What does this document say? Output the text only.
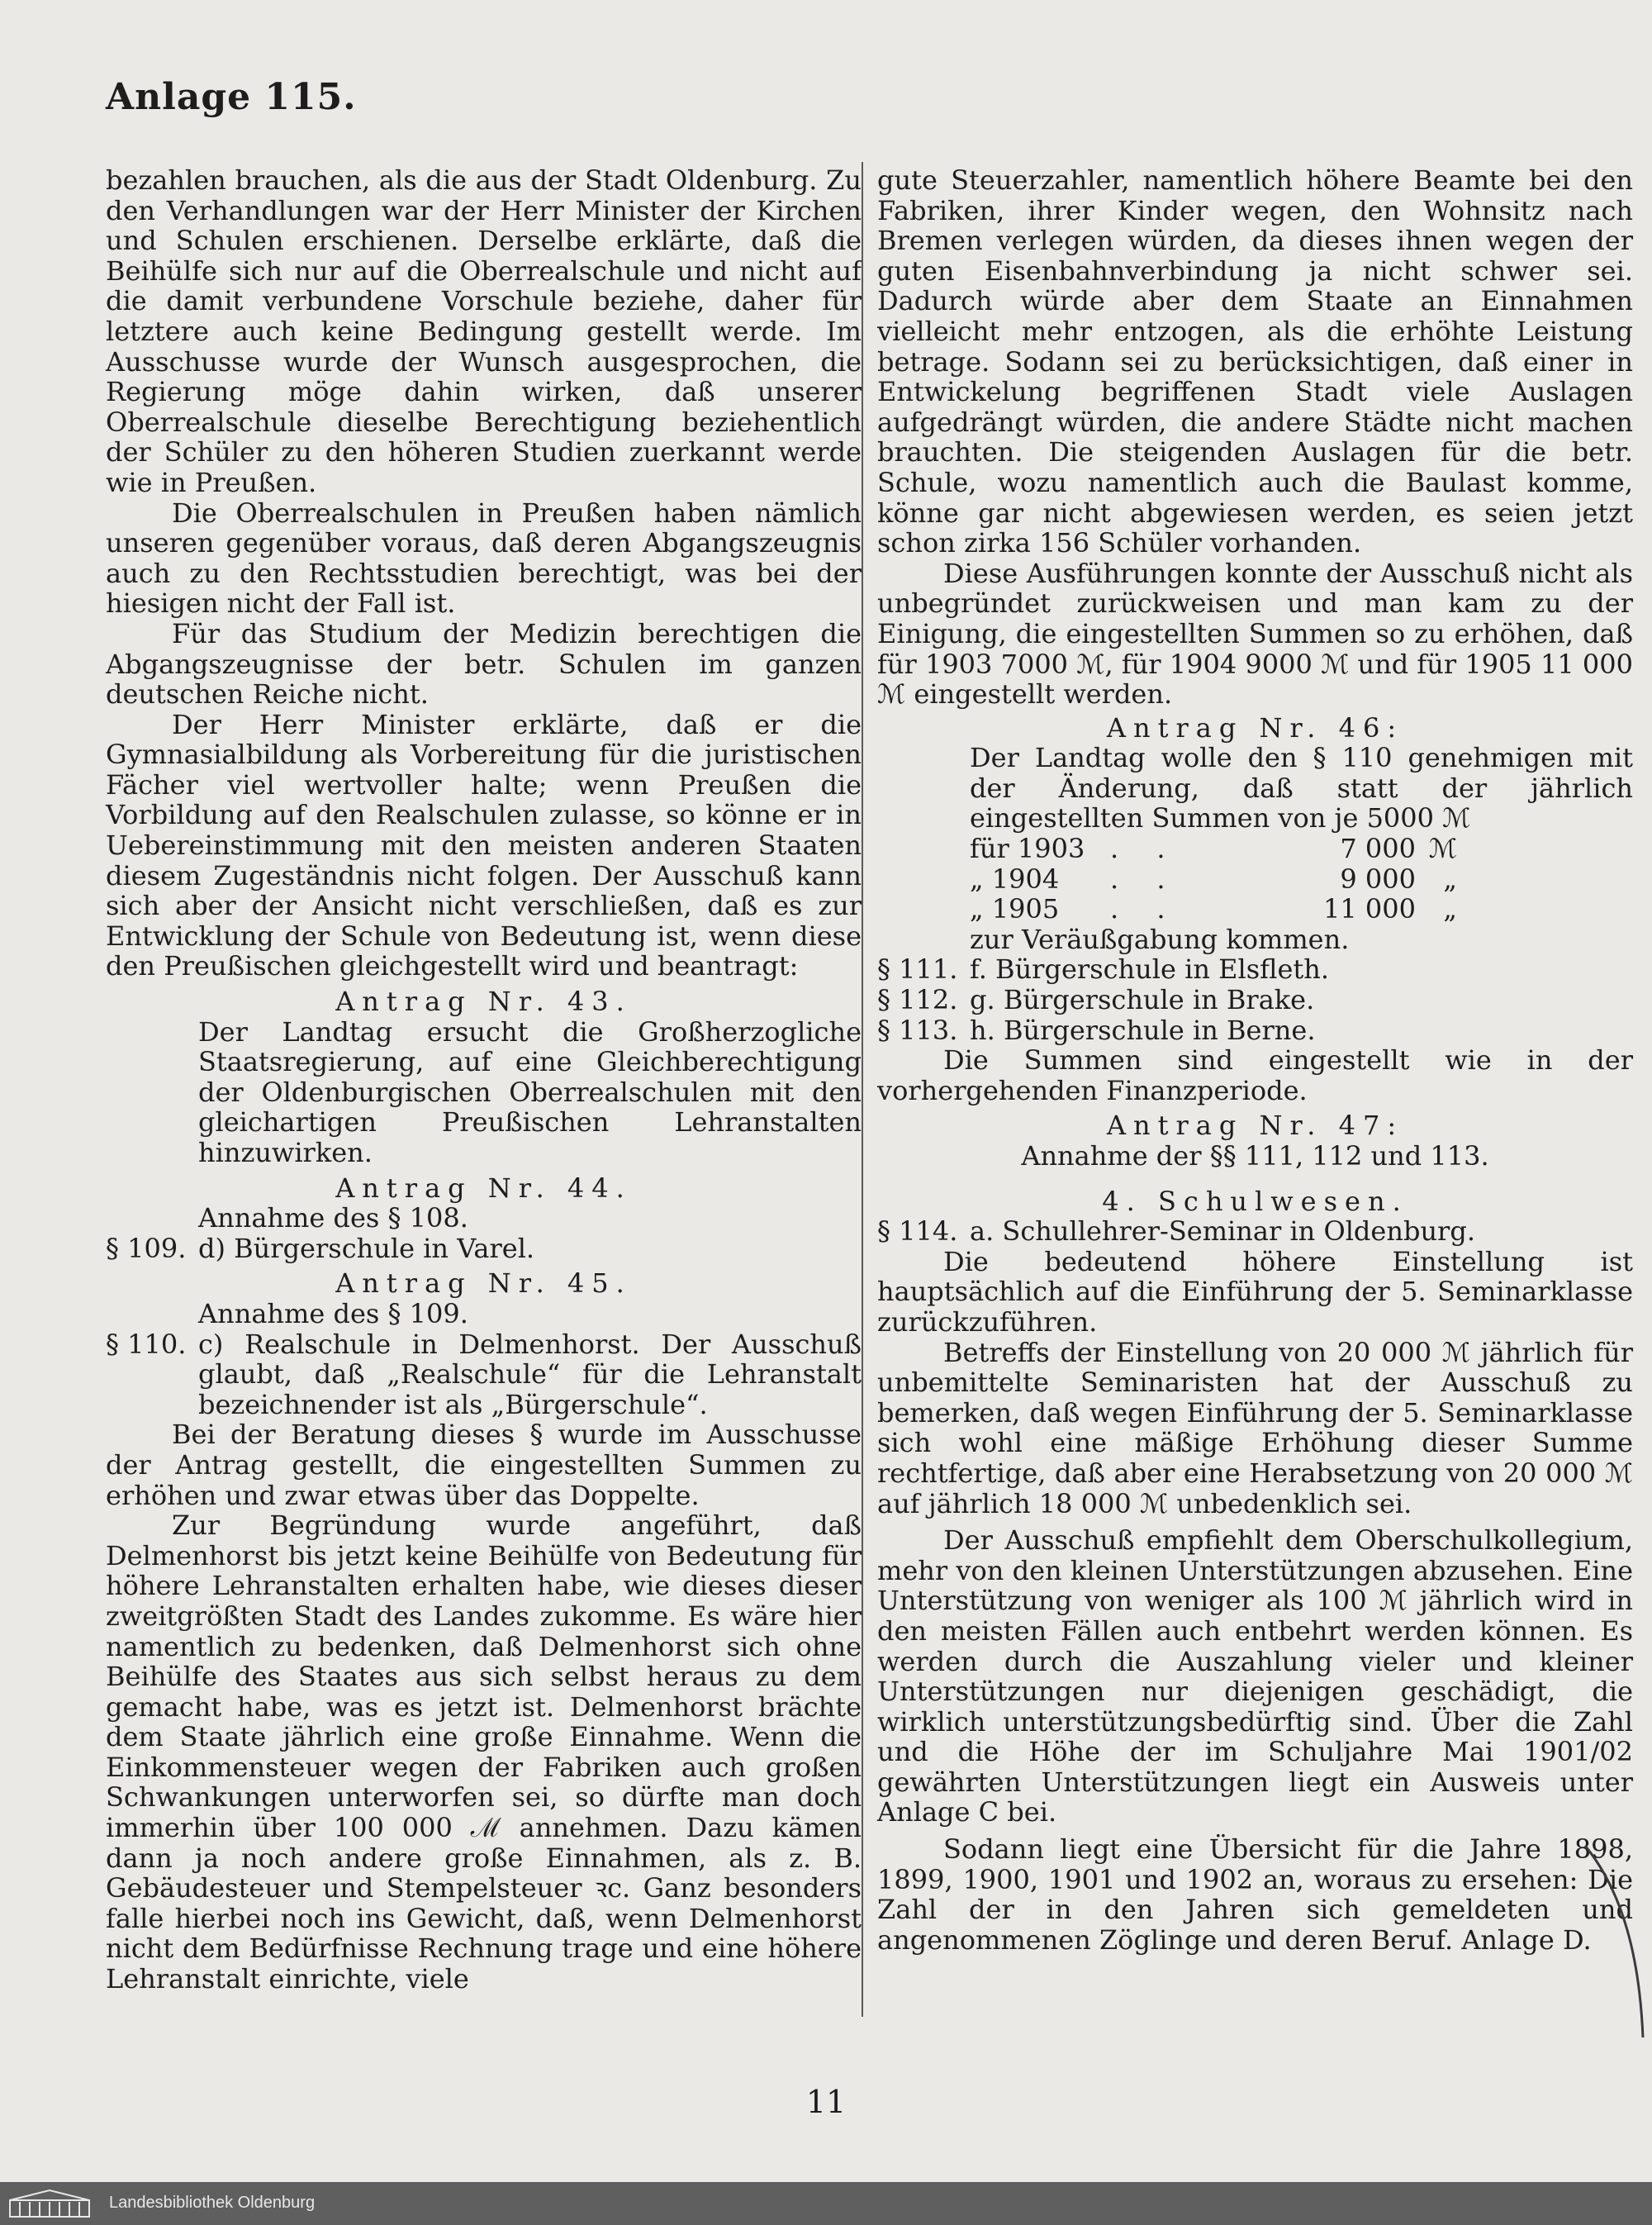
Anlage 115.

bezahlen brauchen, als die aus der Stadt Oldenburg. Zu den Verhandlungen war der Herr Minister der Kirchen und Schulen erschienen. Derselbe erklärte, daß die Beihülfe sich nur auf die Oberrealschule und nicht auf die damit verbundene Vorschule beziehe, daher für letztere auch keine Bedingung gestellt werde. Im Ausschusse wurde der Wunsch ausgesprochen, die Regierung möge dahin wirken, daß unserer Oberrealschule dieselbe Berechtigung beziehentlich der Schüler zu den höheren Studien zuerkannt werde wie in Preußen.

Die Oberrealschulen in Preußen haben nämlich unseren gegenüber voraus, daß deren Abgangszeugnis auch zu den Rechtsstudien berechtigt, was bei der hiesigen nicht der Fall ist.

Für das Studium der Medizin berechtigen die Abgangszeugnisse der betr. Schulen im ganzen deutschen Reiche nicht.

Der Herr Minister erklärte, daß er die Gymnasialbildung als Vorbereitung für die juristischen Fächer viel wertvoller halte; wenn Preußen die Vorbildung auf den Realschulen zulasse, so könne er in Uebereinstimmung mit den meisten anderen Staaten diesem Zugeständnis nicht folgen. Der Ausschuß kann sich aber der Ansicht nicht verschließen, daß es zur Entwicklung der Schule von Bedeutung ist, wenn diese den Preußischen gleichgestellt wird und beantragt:

Antrag Nr. 43.

Der Landtag ersucht die Großherzogliche Staatsregierung, auf eine Gleichberechtigung der Oldenburgischen Oberrealschulen mit den gleichartigen Preußischen Lehranstalten hinzuwirken.

Antrag Nr. 44.

Annahme des § 108.

§ 109. d) Bürgerschule in Varel.

Antrag Nr. 45.

Annahme des § 109.

§ 110. c) Realschule in Delmenhorst. Der Ausschuß glaubt, daß „Realschule“ für die Lehranstalt bezeichnender ist als „Bürgerschule“.

Bei der Beratung dieses § wurde im Ausschusse der Antrag gestellt, die eingestellten Summen zu erhöhen und zwar etwas über das Doppelte.

Zur Begründung wurde angeführt, daß Delmenhorst bis jetzt keine Beihülfe von Bedeutung für höhere Lehranstalten erhalten habe, wie dieses dieser zweitgrößten Stadt des Landes zukomme. Es wäre hier namentlich zu bedenken, daß Delmenhorst sich ohne Beihülfe des Staates aus sich selbst heraus zu dem gemacht habe, was es jetzt ist. Delmenhorst brächte dem Staate jährlich eine große Einnahme. Wenn die Einkommensteuer wegen der Fabriken auch großen Schwankungen unterworfen sei, so dürfte man doch immerhin über 100 000 ℳ annehmen. Dazu kämen dann ja noch andere große Einnahmen, als z. B. Gebäudesteuer und Stempelsteuer ꝛc. Ganz besonders falle hierbei noch ins Gewicht, daß, wenn Delmenhorst nicht dem Bedürfnisse Rechnung trage und eine höhere Lehranstalt einrichte, viele

gute Steuerzahler, namentlich höhere Beamte bei den Fabriken, ihrer Kinder wegen, den Wohnsitz nach Bremen verlegen würden, da dieses ihnen wegen der guten Eisenbahnverbindung ja nicht schwer sei. Dadurch würde aber dem Staate an Einnahmen vielleicht mehr entzogen, als die erhöhte Leistung betrage. Sodann sei zu berücksichtigen, daß einer in Entwickelung begriffenen Stadt viele Auslagen aufgedrängt würden, die andere Städte nicht machen brauchten. Die steigenden Auslagen für die betr. Schule, wozu namentlich auch die Baulast komme, könne gar nicht abgewiesen werden, es seien jetzt schon zirka 156 Schüler vorhanden.

Diese Ausführungen konnte der Ausschuß nicht als unbegründet zurückweisen und man kam zu der Einigung, die eingestellten Summen so zu erhöhen, daß für 1903 7000 ℳ, für 1904 9000 ℳ und für 1905 11 000 ℳ eingestellt werden.

Antrag Nr. 46:

Der Landtag wolle den § 110 genehmigen mit der Änderung, daß statt der jährlich eingestellten Summen von je 5000 ℳ

für 1903 . .	7 000 ℳ
„ 1904	. .	9 000	„
„ 1905	. .	11 000	„

zur Veräußgabung kommen.

§ 111. f. Bürgerschule in Elsfleth.
§ 112. g. Bürgerschule in Brake.
§ 113. h. Bürgerschule in Berne.

Die Summen sind eingestellt wie in der vorhergehenden Finanzperiode.

Antrag Nr. 47:

Annahme der §§ 111, 112 und 113.

4. Schulwesen.

§ 114. a. Schullehrer-Seminar in Oldenburg.

Die bedeutend höhere Einstellung ist hauptsächlich auf die Einführung der 5. Seminarklasse zurückzuführen.

Betreffs der Einstellung von 20 000 ℳ jährlich für unbemittelte Seminaristen hat der Ausschuß zu bemerken, daß wegen Einführung der 5. Seminarklasse sich wohl eine mäßige Erhöhung dieser Summe rechtfertige, daß aber eine Herabsetzung von 20 000 ℳ auf jährlich 18 000 ℳ unbedenklich sei.

Der Ausschuß empfiehlt dem Oberschulkollegium, mehr von den kleinen Unterstützungen abzusehen. Eine Unterstützung von weniger als 100 ℳ jährlich wird in den meisten Fällen auch entbehrt werden können. Es werden durch die Auszahlung vieler und kleiner Unterstützungen nur diejenigen geschädigt, die wirklich unterstützungsbedürftig sind. Über die Zahl und die Höhe der im Schuljahre Mai 1901/02 gewährten Unterstützungen liegt ein Ausweis unter Anlage C bei.

Sodann liegt eine Übersicht für die Jahre 1898, 1899, 1900, 1901 und 1902 an, woraus zu ersehen: Die Zahl der in den Jahren sich gemeldeten und angenommenen Zöglinge und deren Beruf. Anlage D.

11
Landesbibliothek Oldenburg
